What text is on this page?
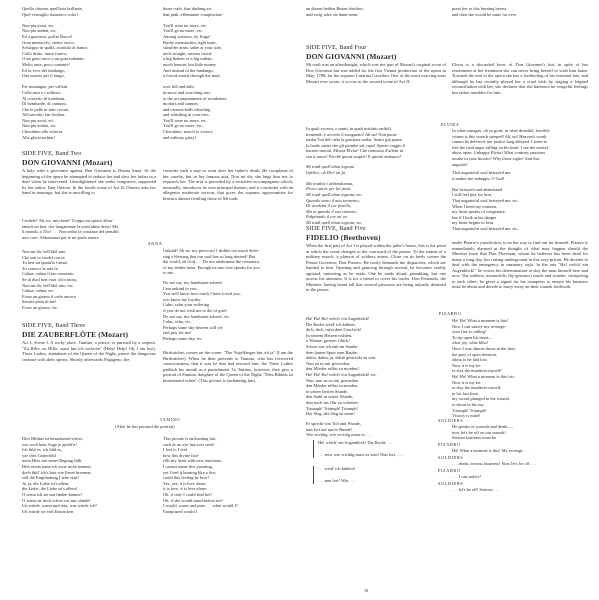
Quella chioma, quell'aria brillante,
Quel vermiglio donnesco color!
Non piu avrai, etc.
Non piu andrai, etc.
Ed a guerrieri, poffar Bacco!
Gran mustacchi, stretto sacco,
Schioppo in spalla, sciabola al fianco,
Collo dritto, muso franco,
O un gran casco o un gran turbante,
Molto onor, poco contante!
Ed in vece del fandango,
Una marcia per il fango,
Per montagne, per valloni,
Colle nevi e i sollioni,
Al concerto di tromboni,
Di bombarde, di cannoni,
Che le palle in tutti i tuoni,
All'orecchio fan fischiar.
Non piu avrai, etc.
Non piu andrai, etc.
Cherubino alla vittoria,
Alla gloria militar!
SIDE FIVE, Band Two
DON GIOVANNI (Mozart)
A lady with a grievance against Don Giovanni is Donna Anna. At the beginning of the opera he attempted to seduce her and slew her father in a duel when he intervened. Unenlightened she seeks vengeance, supported by her suitor, Don Ottavio. In the fourth scene of Act II, Ottavio asks her hand in marriage, but she is unwilling to
Crudele? Ah, no, mio bene! Troppo mi spiace allon-
tanarti un ben, che lungamente la nostr'alma desia! Ma
il mondo, o Dio! . . . Non sedur la costanza del sensibil
mio core. Abbastanza per te mi parla amore.
Non mi dir, bell'idol mio,
Che son io crudel con te,
Tu ben sai quant'io t'amai,
Tu conosci la mia fe.
Calma, calma il tuo tormento,
Se di duol non vuoi ch'io mora,
Non mi dir, bell'idol mio, etc.
Calma, calma, etc.
Forse un giorno il cielo ancora
Sentira pieta di me!
Forse un giorno, etc.
SIDE FIVE, Band Three
DIE ZAUBERFLÖTE (Mozart)
Act I, Scene I. A rocky place. Tamino, a prince, is pursued by a serpent. "Zu Hilfe, zu Hilfe, sonst bin ich verloren" (Help! Help! Oh, I am lost). Three Ladies, attendants of the Queen of the Night, pierce the dangerous creature with their spears. Shortly afterwards Papageno, the
Dies Bildnis ist bezaubernd schön,
wie noch kein Auge je geseh'n!
Ich fühl es, ich fühl es,
wie dies Götterbild
mein Herz mit neuer Regung füllt.
Dies etwas kann ich zwar nicht nennen,
doch fühl' ich's hier wie Feuer brennen;
soll die Empfindung Liebe sein?
Ja, ja, die Liebe ist's allein.
die Liebe, die Liebe ist's allein!
O wenn ich sie nur finden könnte!
O wenn sie doch schon vor mir stände!
Ich würde, warm und rein, was würde ich?
Ich würde sie voll Entzücken
those curls, that dashing air,
that pink, effeminate complexion!
You'll wear no more, etc.
You'll go no more, etc.
Among warriors, by Jingo!
Bushy moustaches, tight tunic,
shoulder arms, sabre at your side,
neck straight, serious faced,
a big helmet or a big turban,
much honour, but little money.
And instead of the fandango,
a forced march through the mud,
over hill and dale,
in snow and scorching sun,
to the accompaniment of trombones,
mortars and cannon,
and cannon-balls whistling
and whistling in your ears.
You'll wear no more, etc.
You'll go no more, etc.
Cherubino, march to victory
and military glory!
consider such a step so soon after her father's death. He complains of her cruelty, but in her famous aria, Non mi dir, she begs him not to reproach her. The aria is preceded by a recitative accompagnato which, unusually, introduces its own principal themes, and it concludes with an allegretto moderato section, that gives the soprano opportunities for bravura almost rivalling those of Mi tradi.
ANNA
Unkind? Ah no, my precious! I dislike too much defer-
ring a blessing that our soul has so long desired! But
the world, oh God . . . Do not undermine the constancy
of my tender heart. Enough its true love speaks for you
to me.
Do not say, my handsome adored,
I am unkind to you.
You well know how much I have loved you,
you know my loyalty.
Calm, calm your suffering
if you do not wish me to die of grief.
Do not say, my handsome adored, etc.
Calm, calm, etc.
Perhaps some day heaven will yet
feel pity for me!
Perhaps some day, etc.
Birdcatcher, comes on the scene: "Der Vogelfänger bin ich ja" (I am the Birdcatcher). When he then pretends to Tamino, who has recovered consciousness, that it was he that had rescued him, the Three Ladies padlock his mouth as a punishment. To Tamino, however, they give a portrait of Pamina, daughter of the Queen of the Night: "Dies Bildnis ist bezaubernd schön" (This picture is enchanting fair).
TAMINO
(After he has perused the portrait)
This picture is enchanting fair,
such as no eye has ever seen!
I feel it, I feel
how this divine face
fills my heart with new emotions.
I cannot name this yearning,
yet I feel it burning like a fire;
could this feeling be love?
Yes, yes, it is love alone,
it is love, it is love alone.
Oh, if only I could find her!
Oh, if she would stand before me!
I would, warm and pure . . . what would I?
Enraptured would I
an diesen heißen Busen drücken,
und ewig wäre sie dann mein.
SIDE FIVE, Band Four
DON GIOVANNI (Mozart)
Mi tradì was an afterthought, which was not part of Mozart's original score of Don Giovanni but was added for the first Vienna production of the opera in May, 1788, for the soprano Catarina Cavalieri. One of the most exacting arias Mozart ever wrote, it occurs in the second scene of Act II.
In quali eccessi, o numi, in quali misfatti orribili,
tremendi, è avvolto il sciagurato! Ah no! Non puote
tardar l'ira del cielo la giustizia tardar. Sentir già parmi
la fatale saetta che gli piombe sul capo! Aperto veggio il
baratro mortal. Misera Elvira! Che contrasto d'affetti in
sen ti nasce! Perchè questi sospiri? E queste ambasce?
Mi tradì quell'alma ingrata
Infelice, oh Dio! mi fa.
Ma tradita e abbandonata,
Provo ancor per lui pietà.
Mi tradì quell'alma ingrata, etc.
Quando sento il mio tormento,
Di vendetta il cor favella,
Ma se guardo il suo cimento,
Palpitando il cor mi va.
Mi tradì quell'alma ingrata, etc.
SIDE FIVE, Band Five
FIDELIO (Beethoven)
When the first part of Act I is played within the jailer's house, this is the point at which the scene changes to the courtyard of the prison. To the strains of a military march, a platoon of soldiers enters. Close on its heels comes the Prison Governor, Don Pizarro. He curtly demands the dispatches, which are handed to him. Opening and glancing through several, he becomes visibly agitated, muttering as he reads. One he reads aloud, grumbling, but one arrests his attention. It is for a friend to cover his tracks. Don Fernando, the Minister, having heard tell that several prisoners are being unjustly detained in the prison
Ha! Ha! Ha! welch' ein Augenblick!
Die Rache werd' ich kühlen,
dich, dich, rufet dein Geschick!
In seinem Herzen wühlen,
o Wonne, grosses Glück!
Schon war ich nah im Staube,
dem lauten Spott zum Raube,
dahin, dahin, ja, dahin gestreckt zu sein.
Nun ist es mir geworden,
den Mörder selbst zu morden!
Ha! Ha! Ha! welch' ein Augenblick! etc.
Nun, nun ist es mir geworden
den Mörder selbst zu morden,
in seiner letzten Stunde,
den Stahl in seiner Wunde,
ihm noch ins Ohr zu schreien:
Triumph! Triumph! Triumph!
Der Sieg, der Sieg ist mein!
Er spricht von Tod und Wunde,
nun fort auf uns're Runde!
Wie wichtig, wie wichtig muss es . . .
Ha! welch' ein Augenblick! Die Rache . . .
. . . sein, wie wichtig muss es sein! Nun fort, . . .
. . . werd' ich kühlen!
. . . nun fort! Wie . . .
10
press her to this burning breast,
and then she would be mine for ever.
Elvira is a discarded lover of Don Giovanni's but, in spite of her resentment at her treatment she can never bring herself to wish him harm. Towards the end of the opera she has a foreboding of his eventual fate, and although he has recently played her a cruel trick by staging a feigned reconciliation with her, she declares that she harbours no vengeful feelings but rather trembles for him.
ELVIRA
In what outrages, oh ye gods, in what dreadful, horrible
crimes is this wretch steeped! Ah, no! Heaven's wrath
cannot be deferred, nor justice long delayed. I seem to
feel the fatal anger falling on his head. I see the mortal
abyss open. Unhappy Elvira! What contrary passions
awake in your bosom? Why those sighs? And this
anguish?
That ungrateful soul betrayed me,
it makes me unhappy, O God!
But betrayed and abandoned
I still feel pity for him.
That ungrateful soul betrayed me, etc.
When I heed my torment,
my heart speaks of vengeance,
but if I look at his danger
my heart begins to beat.
That ungrateful soul betrayed me, etc.
under Pizarro's jurisdiction, is on the way to find out for himself. Pizarro is immediately alarmed at the thought of what may happen should the Minister learn that Don Florestan, whom he believes has been dead for many a long day, lies rotting underground in this very prison. He decides to deal with the emergency in summary style. In the aria "Ha! welch' ein Augenblick!" he voices his determination to slay the man himself here and now. The soldiers, meanwhile, (by gestures) watch and wonder, whispering to each other; he gives a signal for his trumpeter to ensure his business must be about and decide to hurry away on their rounds forthwith.
PIZARRO
Ha! Ha! What a moment is this!
Now I can satisfy my revenge;
your fate is calling!
To rip open his heart—
what joy, what bliss!
Once I was almost down in the dust,
the prey of open derision,
about to be laid low.
Now it is my lot
to slay the murderer myself!
Ha! Ha! What a moment is this! etc.
Now it is my lot
to slay the murderer myself,
in his last hour,
my sword plunged in the wound,
to shout in his ear:
Triumph! Triumph!
Victory is mine!
SOLDIERS
He speaks of wounds and death —
now let's be off on our rounds!
Serious business must be
PIZARRO
Ha! What a moment is this! My revenge . . .
SOLDIERS
. . . about, serious business! Now let's be off . . .
PIZARRO
. . . I can satisfy!
SOLDIERS
. . . let's be off! Serious . . .
